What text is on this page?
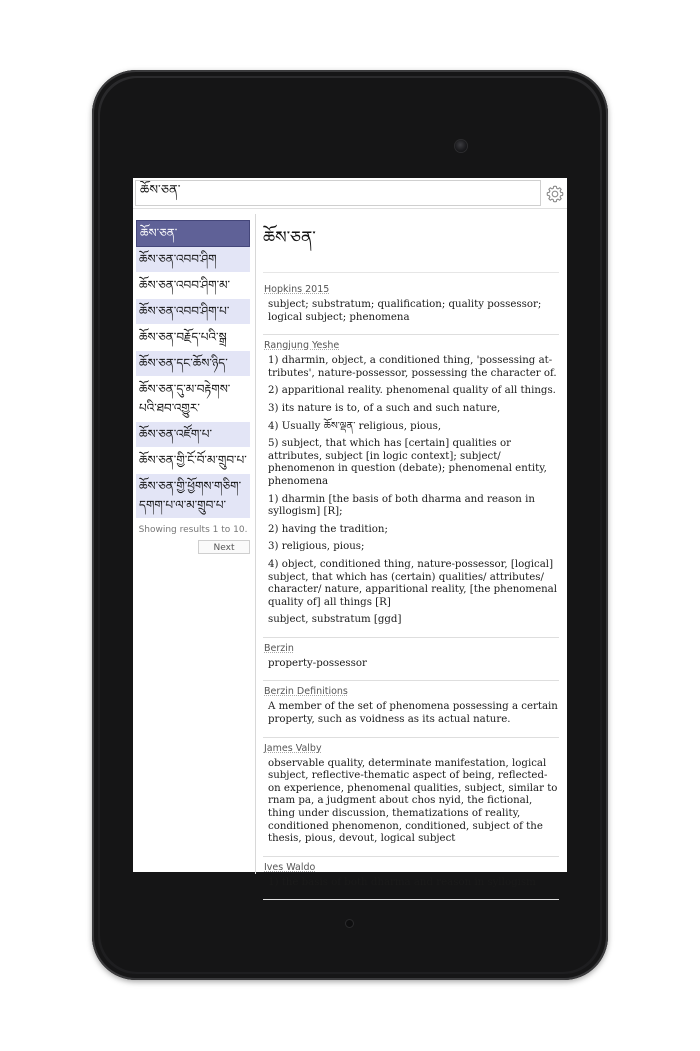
ཆོས་ཅན་
ཆོས་ཅན་
ཆོས་ཅན་འབབ་ཤིག
ཆོས་ཅན་འབབ་ཤིག་མ་
ཆོས་ཅན་འབབ་ཤིག་པ་
ཆོས་ཅན་བརྗོད་པའི་སྒྲ
ཆོས་ཅན་དང་ཆོས་ཉིད་
ཆོས་ཅན་དུ་མ་བརྟེགས་པའི་ཐབ་འགྱུར་
ཆོས་ཅན་འཛོག་པ་
ཆོས་ཅན་གྱི་ངོ་བོ་མ་གྲུབ་པ་
ཆོས་ཅན་གྱི་ཕྱོགས་གཅིག་དགག་པ་ལ་མ་གྲུབ་པ་
Showing results 1 to 10.
Next
ཆོས་ཅན་
Hopkins 2015
subject; substratum; qualification; quality possessor; logical subject; phenomena
Rangjung Yeshe
1) dharmin, object, a conditioned thing, 'possessing at-tributes', nature-possessor, possessing the character of.
2) apparitional reality. phenomenal quality of all things.
3) its nature is to, of a such and such nature,
4) Usually ཆོས་ལྡན་ religious, pious,
5) subject, that which has [certain] qualities or attributes, subject [in logic context]; subject/ phenomenon in question (debate); phenomenal entity, phenomena
1) dharmin [the basis of both dharma and reason in syllogism] [R];
2) having the tradition;
3) religious, pious;
4) object, conditioned thing, nature-possessor, [logical] subject, that which has (certain) qualities/ attributes/ character/ nature, apparitional reality, [the phenomenal quality of] all things [R]
subject, substratum [ggd]
Berzin
property-possessor
Berzin Definitions
A member of the set of phenomena possessing a certain property, such as voidness as its actual nature.
James Valby
observable quality, determinate manifestation, logical subject, reflective-thematic aspect of being, reflected-on experience, phenomenal qualities, subject, similar to rnam pa, a judgment about chos nyid, the fictional, thing under discussion, thematizations of reality, conditioned phenomenon, conditioned, subject of the thesis, pious, devout, logical subject
Ives Waldo
1) the basis of both dharma and reason in syllogism
